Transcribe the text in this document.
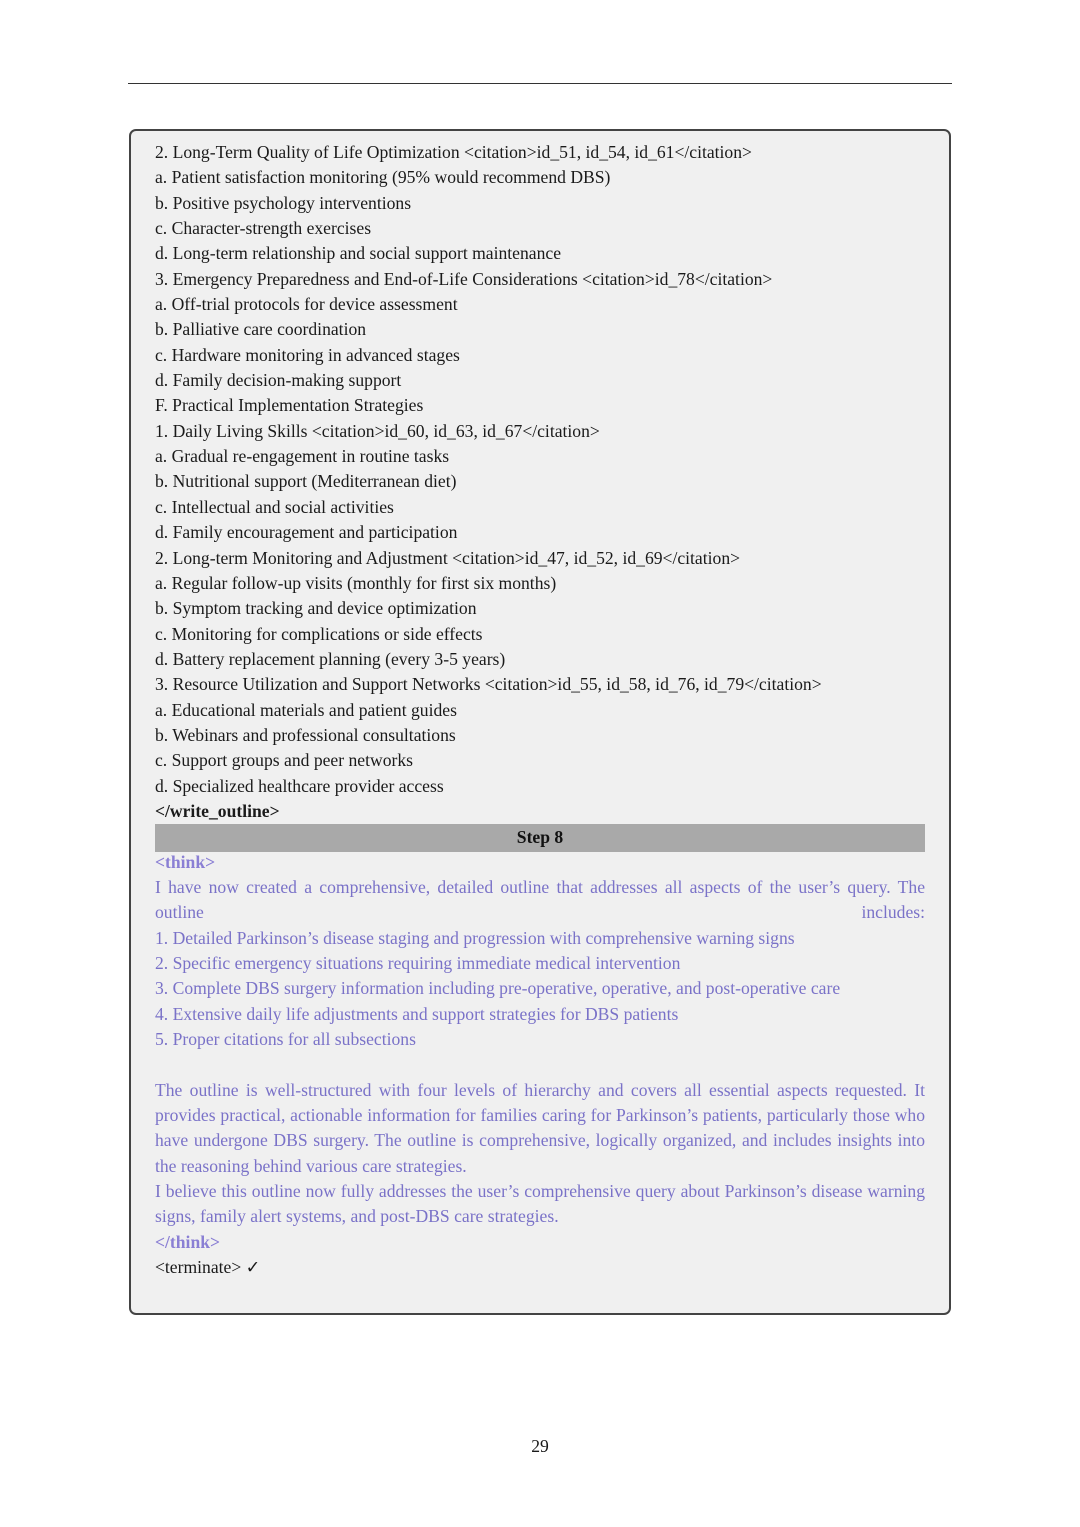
2. Long-Term Quality of Life Optimization <citation>id_51, id_54, id_61</citation>
a. Patient satisfaction monitoring (95% would recommend DBS)
b. Positive psychology interventions
c. Character-strength exercises
d. Long-term relationship and social support maintenance
3. Emergency Preparedness and End-of-Life Considerations <citation>id_78</citation>
a. Off-trial protocols for device assessment
b. Palliative care coordination
c. Hardware monitoring in advanced stages
d. Family decision-making support
F. Practical Implementation Strategies
1. Daily Living Skills <citation>id_60, id_63, id_67</citation>
a. Gradual re-engagement in routine tasks
b. Nutritional support (Mediterranean diet)
c. Intellectual and social activities
d. Family encouragement and participation
2. Long-term Monitoring and Adjustment <citation>id_47, id_52, id_69</citation>
a. Regular follow-up visits (monthly for first six months)
b. Symptom tracking and device optimization
c. Monitoring for complications or side effects
d. Battery replacement planning (every 3-5 years)
3. Resource Utilization and Support Networks <citation>id_55, id_58, id_76, id_79</citation>
a. Educational materials and patient guides
b. Webinars and professional consultations
c. Support groups and peer networks
d. Specialized healthcare provider access
</write_outline>
Step 8
<think>
I have now created a comprehensive, detailed outline that addresses all aspects of the user’s query. The outline includes:
1. Detailed Parkinson’s disease staging and progression with comprehensive warning signs
2. Specific emergency situations requiring immediate medical intervention
3. Complete DBS surgery information including pre-operative, operative, and post-operative care
4. Extensive daily life adjustments and support strategies for DBS patients
5. Proper citations for all subsections
The outline is well-structured with four levels of hierarchy and covers all essential aspects requested. It provides practical, actionable information for families caring for Parkinson’s patients, particularly those who have undergone DBS surgery. The outline is comprehensive, logically organized, and includes insights into the reasoning behind various care strategies.
I believe this outline now fully addresses the user’s comprehensive query about Parkinson’s disease warning signs, family alert systems, and post-DBS care strategies.
</think>
<terminate> ✓
29
